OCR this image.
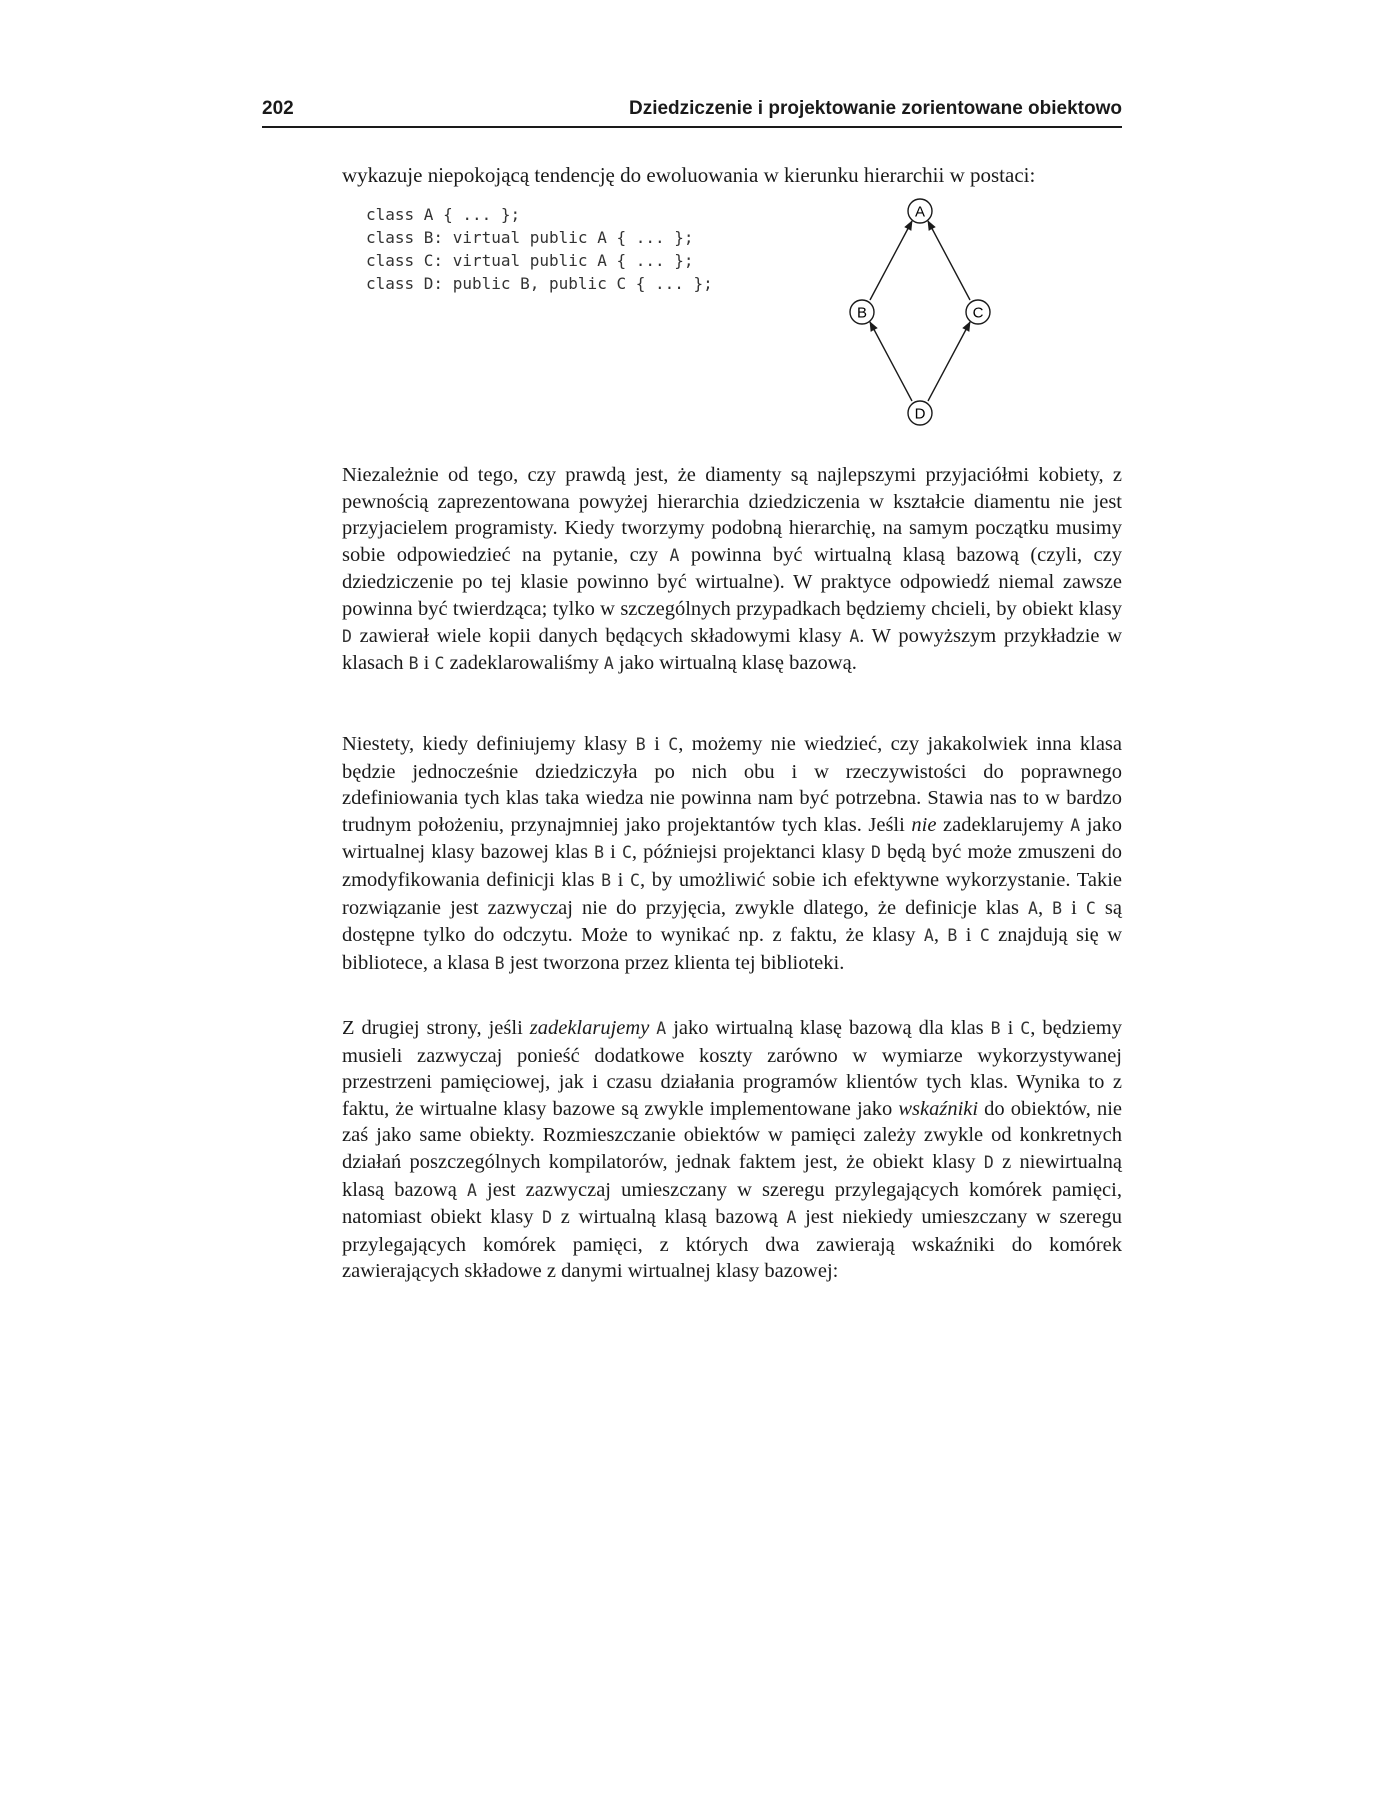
202	Dziedziczenie i projektowanie zorientowane obiektowo

wykazuje niepokojącą tendencję do ewoluowania w kierunku hierarchii w postaci:

class A { ... };
class B: virtual public A { ... };
class C: virtual public A { ... };
class D: public B, public C { ... };
A
B	C
D

Niezależnie od tego, czy prawdą jest, że diamenty są najlepszymi przyjaciółmi kobiety, z pewnością zaprezentowana powyżej hierarchia dziedziczenia w kształcie diamentu nie jest przyjacielem programisty. Kiedy tworzymy podobną hierarchię, na samym początku musimy sobie odpowiedzieć na pytanie, czy A powinna być wirtualną klasą bazową (czyli, czy dziedziczenie po tej klasie powinno być wirtualne). W praktyce odpowiedź niemal zawsze powinna być twierdząca; tylko w szczególnych przypadkach będziemy chcieli, by obiekt klasy D zawierał wiele kopii danych będących składowymi klasy A. W powyższym przykładzie w klasach B i C zadeklarowaliśmy A jako wirtualną klasę bazową.

Niestety, kiedy definiujemy klasy B i C, możemy nie wiedzieć, czy jakakolwiek inna klasa będzie jednocześnie dziedziczyła po nich obu i w rzeczywistości do poprawnego zdefiniowania tych klas taka wiedza nie powinna nam być potrzebna. Stawia nas to w bardzo trudnym położeniu, przynajmniej jako projektantów tych klas. Jeśli nie zadeklarujemy A jako wirtualnej klasy bazowej klas B i C, późniejsi projektanci klasy D będą być może zmuszeni do zmodyfikowania definicji klas B i C, by umożliwić sobie ich efektywne wykorzystanie. Takie rozwiązanie jest zazwyczaj nie do przyjęcia, zwykle dlatego, że definicje klas A, B i C są dostępne tylko do odczytu. Może to wynikać np. z faktu, że klasy A, B i C znajdują się w bibliotece, a klasa B jest tworzona przez klienta tej biblioteki.

Z drugiej strony, jeśli zadeklarujemy A jako wirtualną klasę bazową dla klas B i C, będziemy musieli zazwyczaj ponieść dodatkowe koszty zarówno w wymiarze wykorzystywanej przestrzeni pamięciowej, jak i czasu działania programów klientów tych klas. Wynika to z faktu, że wirtualne klasy bazowe są zwykle implementowane jako wskaźniki do obiektów, nie zaś jako same obiekty. Rozmieszczanie obiektów w pamięci zależy zwykle od konkretnych działań poszczególnych kompilatorów, jednak faktem jest, że obiekt klasy D z niewirtualną klasą bazową A jest zazwyczaj umieszczany w szeregu przylegających komórek pamięci, natomiast obiekt klasy D z wirtualną klasą bazową A jest niekiedy umieszczany w szeregu przylegających komórek pamięci, z których dwa zawierają wskaźniki do komórek zawierających składowe z danymi wirtualnej klasy bazowej:
